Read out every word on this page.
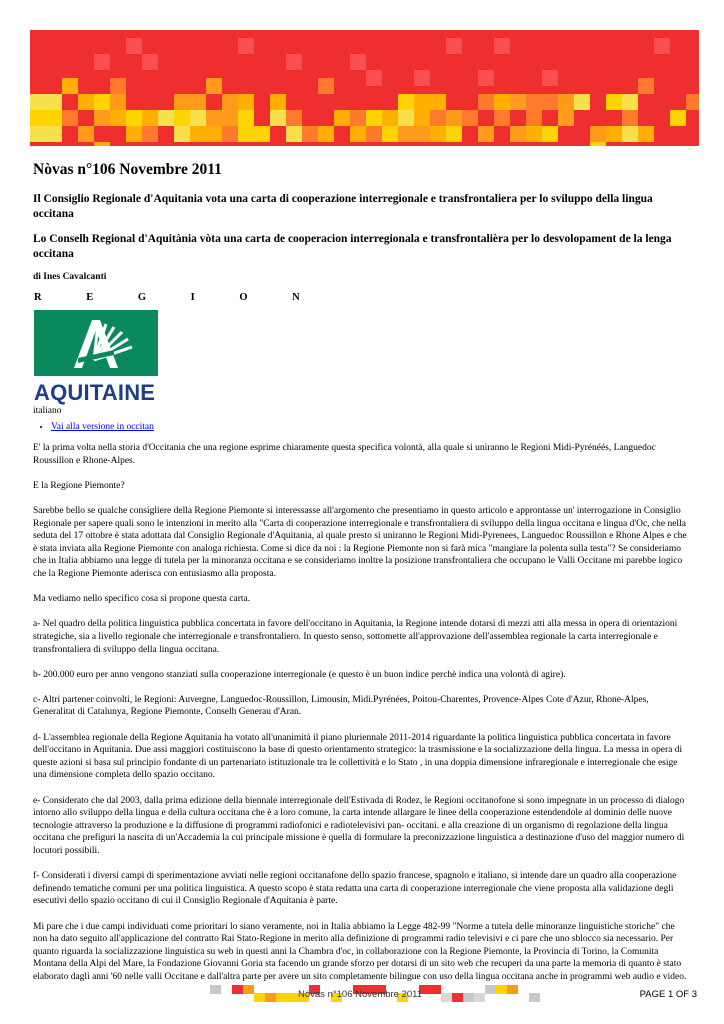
Nòvas n°106 Novembre 2011
Il Consiglio Regionale d'Aquitania vota una carta di cooperazione interregionale e transfrontaliera per lo sviluppo della lingua occitana
Lo Conselh Regional d'Aquitània vòta una carta de cooperacion interregionala e transfrontalièra per lo desvolopament de la lenga occitana
di Ines Cavalcanti
R E G I O N
AQUITAINE
italiano
• Vai alla versione in occitan

E' la prima volta nella storia d'Occitania che una regione esprime chiaramente questa specifica volontà, alla quale si uniranno le Regioni Midi-Pyrénéés, Languedoc Roussillon e Rhone-Alpes.

E la Regione Piemonte?

Sarebbe bello se qualche consigliere della Regione Piemonte si interessasse all'argomento che presentiamo in questo articolo e approntasse un' interrogazione in Consiglio Regionale per sapere quali sono le intenzioni in merito alla "Carta di cooperazione interregionale e transfrontaliera di sviluppo della lingua occitana e lingua d'Oc, che nella seduta del 17 ottobre è stata adottata dal Consiglio Regionale d'Aquitania, al quale presto si uniranno le Regioni Midi-Pyrenees, Languedoc Roussillon e Rhone Alpes e che è stata inviata alla Regione Piemonte con analoga richiesta. Come si dice da noi : la Regione Piemonte non si farà mica "mangiare la polenta sulla testa"? Se consideriamo che in Italia abbiamo una legge di tutela per la minoranza occitana e se consideriamo inoltre la posizione transfrontaliera che occupano le Valli Occitane mi parebbe logico che la Regione Piemonte aderisca con entusiasmo alla proposta.

Ma vediamo nello specifico cosa si propone questa carta.

a- Nel quadro della politica linguistica pubblica concertata in favore dell'occitano in Aquitania, la Regione intende dotarsi di mezzi atti alla messa in opera di orientazioni strategiche, sia a livello regionale che interregionale e transfrontaliero. In questo senso, sottomette all'approvazione dell'assemblea regionale la carta interregionale e transfrontaliera di sviluppo della lingua occitana.

b- 200.000 euro per anno vengono stanziati sulla cooperazione interregionale (e questo è un buon indice perchè indica una volontà di agire).

c- Altri partener coinvolti, le Regioni: Auvergne, Languedoc-Roussillon, Limousin, Midi.Pyrénées, Poitou-Charentes, Provence-Alpes Cote d'Azur, Rhone-Alpes, Generalitat di Catalunya, Regione Piemonte, Conselh Generau d'Aran.

d- L'assemblea regionale della Regione Aquitania ha votato all'unanimità il piano pluriennale 2011-2014 riguardante la politica linguistica pubblica concertata in favore dell'occitano in Aquitania. Due assi maggiori costituiscono la base di questo orientamento strategico: la trasmissione e la socializzazione della lingua. La messa in opera di queste azioni si basa sul principio fondante di un partenariato istituzionale tra le collettività e lo Stato , in una doppia dimensione infraregionale e interregionale che esige una dimensione completa dello spazio occitano.

e- Considerato che dal 2003, dalla prima edizione della biennale interregionale dell'Estivada di Rodez, le Regioni occitanofone si sono impegnate in un processo di dialogo intorno allo sviluppo della lingua e della cultura occitana che è a loro comune, la carta intende allargare le linee della cooperazione estendendole al dominio delle nuove tecnologie attraverso la produzione e la diffusione di programmi radiofonici e radiotelevisivi pan- occitani. e alla creazione di un organismo di regolazione della lingua occitana che prefiguri la nascita di un'Accademia la cui principale missione è quella di formulare la preconizzazione linguistica a destinazione d'uso del maggior numero di locutori possibili.

f- Considerati i diversi campi di sperimentazione avviati nelle regioni occitanafone dello spazio francese, spagnolo e italiano, si intende dare un quadro alla cooperazione definendo tematiche comuni per una politica linguistica. A questo scopo è stata redatta una carta di cooperazione interregionale che viene proposta alla validazione degli esecutivi dello spazio occitano di cui il Consiglio Regionale d'Aquitania è parte.

Mi pare che i due campi individuati come prioritari lo siano veramente, noi in Italia abbiamo la Legge 482-99 "Norme a tutela delle minoranze linguistiche storiche" che non ha dato seguito all'applicazione del contratto Rai Stato-Regione in merito alla definizione di programmi radio televisivi e ci pare che uno sblocco sia necessario. Per quanto riguarda la socializzazione linguistica su web in questi anni la Chambra d'oc, in collaborazione con la Regione Piemonte, la Provincia di Torino, la Comunita Montana della Alpi del Mare, la Fondazione Giovanni Goria sta facendo un grande sforzo per dotarsi di un sito web che recuperi da una parte la memoria di quanto è stato elaborato dagli anni '60 nelle valli Occitane e dall'altra parte per avere un sito completamente bilingue con uso della lingua occitana anche in programmi web audio e video.

Nòvas n°106 Novembre 2011	PAGE 1 OF 3
